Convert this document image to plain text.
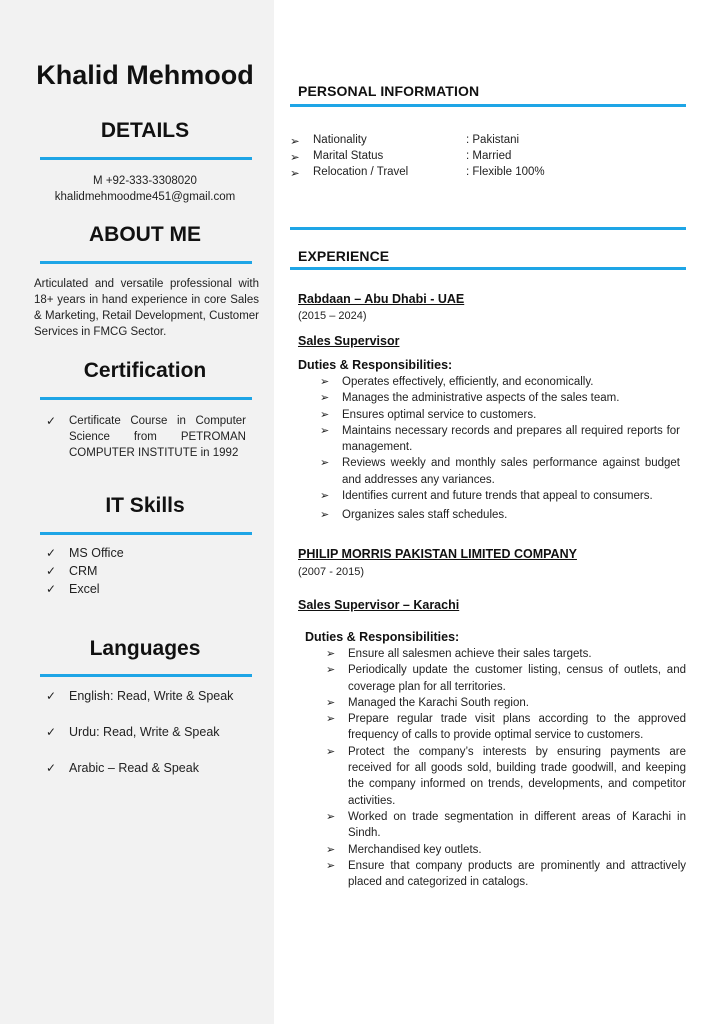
Khalid Mehmood
DETAILS
M +92-333-3308020
khalidmehmoodme451@gmail.com
ABOUT ME
Articulated and versatile professional with 18+ years in hand experience in core Sales & Marketing, Retail Development, Customer Services in FMCG Sector.
Certification
✓ Certificate Course in Computer Science from PETROMAN COMPUTER INSTITUTE in 1992
IT Skills
✓ MS Office
✓ CRM
✓ Excel
Languages
✓ English: Read, Write & Speak
✓ Urdu: Read, Write & Speak
✓ Arabic – Read & Speak
PERSONAL INFORMATION
➢ Nationality	: Pakistani
➢ Marital Status	: Married
➢ Relocation / Travel	: Flexible 100%
EXPERIENCE
Rabdaan – Abu Dhabi - UAE
(2015 – 2024)
Sales Supervisor
Duties & Responsibilities:
➢ Operates effectively, efficiently, and economically.
➢ Manages the administrative aspects of the sales team.
➢ Ensures optimal service to customers.
➢ Maintains necessary records and prepares all required reports for management.
➢ Reviews weekly and monthly sales performance against budget and addresses any variances.
➢ Identifies current and future trends that appeal to consumers.
➢ Organizes sales staff schedules.
PHILIP MORRIS PAKISTAN LIMITED COMPANY
(2007 - 2015)
Sales Supervisor – Karachi
Duties & Responsibilities:
➢ Ensure all salesmen achieve their sales targets.
➢ Periodically update the customer listing, census of outlets, and coverage plan for all territories.
➢ Managed the Karachi South region.
➢ Prepare regular trade visit plans according to the approved frequency of calls to provide optimal service to customers.
➢ Protect the company’s interests by ensuring payments are received for all goods sold, building trade goodwill, and keeping the company informed on trends, developments, and competitor activities.
➢ Worked on trade segmentation in different areas of Karachi in Sindh.
➢ Merchandised key outlets.
➢ Ensure that company products are prominently and attractively placed and categorized in catalogs.
